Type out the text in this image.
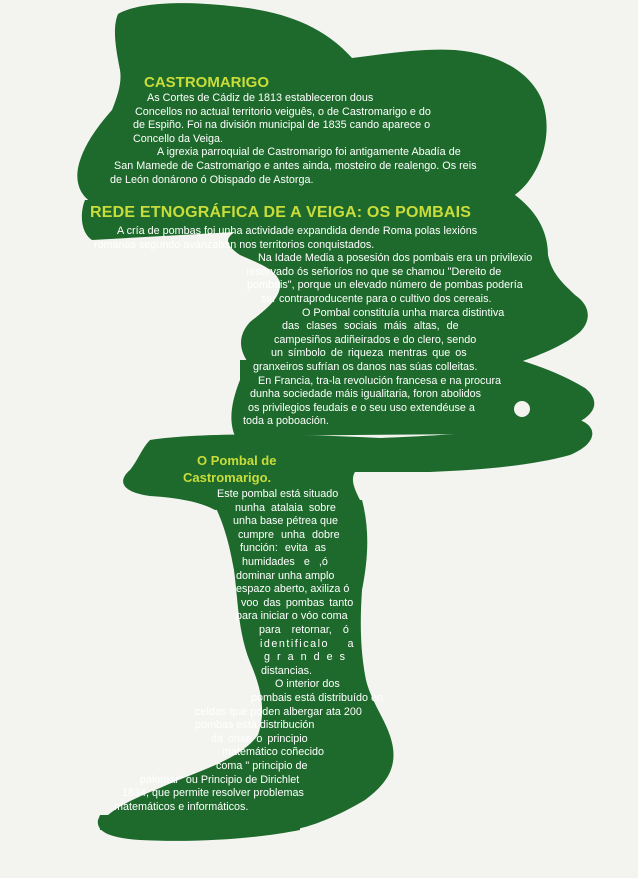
CASTROMARIGO
As Cortes de Cádiz de 1813 estableceron dous
Concellos no actual territorio veiguês, o de Castromarigo e do
de Espiño. Foi na división municipal de 1835 cando aparece o
Concello da Veiga.
A igrexia parroquial de Castromarigo foi antigamente Abadía de
San Mamede de Castromarigo e antes ainda, mosteiro de realengo. Os reis
de León donárono ó Obispado de Astorga.
REDE ETNOGRÁFICA DE A VEIGA: OS POMBAIS
A cría de pombas foi unha actividade expandida dende Roma polas lexións
romanas segundo avanzaban nos territorios conquistados.
Na Idade Media a posesión dos pombais era un privilexio
reservado ós señoríos no que se chamou "Dereito de
pombais", porque un elevado número de pombas podería
ser contraproducente para o cultivo dos cereais.
O Pombal constituía unha marca distintiva
das clases sociais máis altas, de
campesiños adiñeirados e do clero, sendo
un símbolo de riqueza mentras que os
granxeiros sufrían os danos nas súas colleitas.
En Francia, tra-la revolución francesa e na procura
dunha sociedade máis igualitaria, foron abolidos
os privilegios feudais e o seu uso extendéuse a
toda a poboación.
O Pombal de
Castromarigo.
Este pombal está situado
nunha atalaia sobre
unha base pétrea que
cumpre unha dobre
función: evita as
humidades e ,ó
dominar unha amplo
espazo aberto, axiliza ó
voo das pombas tanto
para iniciar o vóo coma
para retornar, ó
identificalo a
g r a n d e s
distancias.
O interior dos
pombais está distribuído en
celdas que poden albergar ata 200
pombas está distribución
dá orixe o principio
matemático coñecido
coma " principio de
palomar" ou Principio de Dirichlet
1834, que permite resolver problemas
matemáticos e informáticos.
